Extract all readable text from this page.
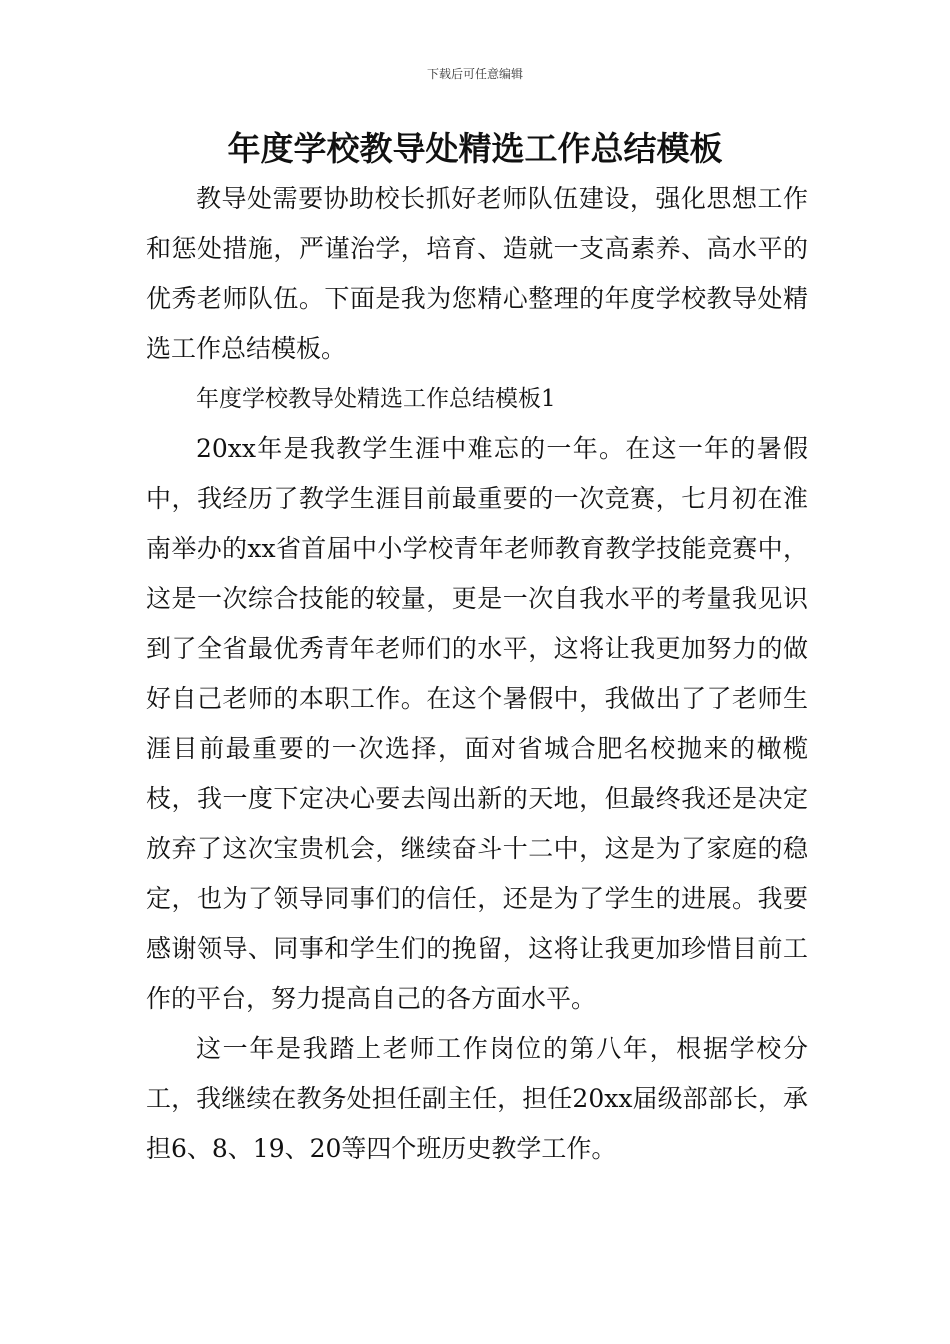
下载后可任意编辑
年度学校教导处精选工作总结模板

教导处需要协助校长抓好老师队伍建设，强化思想工作和惩处措施，严谨治学，培育、造就一支高素养、高水平的优秀老师队伍。下面是我为您精心整理的年度学校教导处精选工作总结模板。

年度学校教导处精选工作总结模板1

20xx年是我教学生涯中难忘的一年。在这一年的暑假中，我经历了教学生涯目前最重要的一次竞赛，七月初在淮南举办的xx省首届中小学校青年老师教育教学技能竞赛中，这是一次综合技能的较量，更是一次自我水平的考量我见识到了全省最优秀青年老师们的水平，这将让我更加努力的做好自己老师的本职工作。在这个暑假中，我做出了了老师生涯目前最重要的一次选择，面对省城合肥名校抛来的橄榄枝，我一度下定决心要去闯出新的天地，但最终我还是决定放弃了这次宝贵机会，继续奋斗十二中，这是为了家庭的稳定，也为了领导同事们的信任，还是为了学生的进展。我要感谢领导、同事和学生们的挽留，这将让我更加珍惜目前工作的平台，努力提高自己的各方面水平。

这一年是我踏上老师工作岗位的第八年，根据学校分工，我继续在教务处担任副主任，担任20xx届级部部长，承担6、8、19、20等四个班历史教学工作。
